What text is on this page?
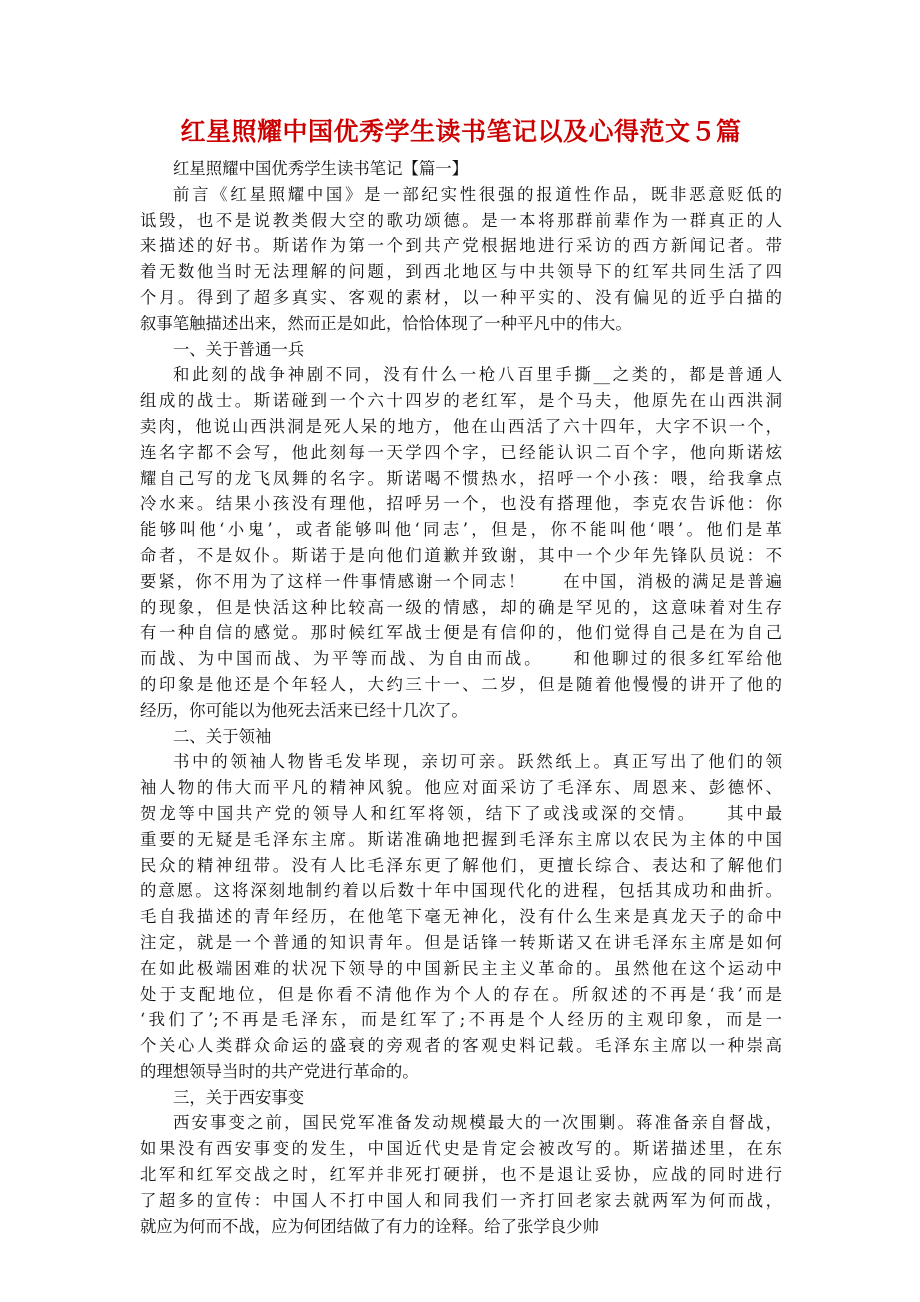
红星照耀中国优秀学生读书笔记以及心得范文５篇
红星照耀中国优秀学生读书笔记【篇一】
前言《红星照耀中国》是一部纪实性很强的报道性作品，既非恶意贬低的
诋毁，也不是说教类假大空的歌功颂德。是一本将那群前辈作为一群真正的人
来描述的好书。斯诺作为第一个到共产党根据地进行采访的西方新闻记者。带
着无数他当时无法理解的问题，到西北地区与中共领导下的红军共同生活了四
个月。得到了超多真实、客观的素材，以一种平实的、没有偏见的近乎白描的
叙事笔触描述出来，然而正是如此，恰恰体现了一种平凡中的伟大。
一、关于普通一兵
和此刻的战争神剧不同，没有什么一枪八百里手撕__之类的，都是普通人
组成的战士。斯诺碰到一个六十四岁的老红军，是个马夫，他原先在山西洪洞
卖肉，他说山西洪洞是死人呆的地方，他在山西活了六十四年，大字不识一个，
连名字都不会写，他此刻每一天学四个字，已经能认识二百个字，他向斯诺炫
耀自己写的龙飞凤舞的名字。斯诺喝不惯热水，招呼一个小孩：喂，给我拿点
冷水来。结果小孩没有理他，招呼另一个，也没有搭理他，李克农告诉他：你
能够叫他‘小鬼’，或者能够叫他‘同志’，但是，你不能叫他‘喂’。他们是革
命者，不是奴仆。斯诺于是向他们道歉并致谢，其中一个少年先锋队员说：不
要紧，你不用为了这样一件事情感谢一个同志！　　在中国，消极的满足是普遍
的现象，但是快活这种比较高一级的情感，却的确是罕见的，这意味着对生存
有一种自信的感觉。那时候红军战士便是有信仰的，他们觉得自己是在为自己
而战、为中国而战、为平等而战、为自由而战。　　和他聊过的很多红军给他
的印象是他还是个年轻人，大约三十一、二岁，但是随着他慢慢的讲开了他的
经历，你可能以为他死去活来已经十几次了。
二、关于领袖
书中的领袖人物皆毛发毕现，亲切可亲。跃然纸上。真正写出了他们的领
袖人物的伟大而平凡的精神风貌。他应对面采访了毛泽东、周恩来、彭德怀、
贺龙等中国共产党的领导人和红军将领，结下了或浅或深的交情。　　其中最
重要的无疑是毛泽东主席。斯诺准确地把握到毛泽东主席以农民为主体的中国
民众的精神纽带。没有人比毛泽东更了解他们，更擅长综合、表达和了解他们
的意愿。这将深刻地制约着以后数十年中国现代化的进程，包括其成功和曲折。
毛自我描述的青年经历，在他笔下毫无神化，没有什么生来是真龙天子的命中
注定，就是一个普通的知识青年。但是话锋一转斯诺又在讲毛泽东主席是如何
在如此极端困难的状况下领导的中国新民主主义革命的。虽然他在这个运动中
处于支配地位，但是你看不清他作为个人的存在。所叙述的不再是‘我’而是
‘我们了’;不再是毛泽东，而是红军了;不再是个人经历的主观印象，而是一
个关心人类群众命运的盛衰的旁观者的客观史料记载。毛泽东主席以一种崇高
的理想领导当时的共产党进行革命的。
三，关于西安事变
西安事变之前，国民党军准备发动规模最大的一次围剿。蒋准备亲自督战，
如果没有西安事变的发生，中国近代史是肯定会被改写的。斯诺描述里，在东
北军和红军交战之时，红军并非死打硬拼，也不是退让妥协，应战的同时进行
了超多的宣传：中国人不打中国人和同我们一齐打回老家去就两军为何而战，
就应为何而不战，应为何团结做了有力的诠释。给了张学良少帅
